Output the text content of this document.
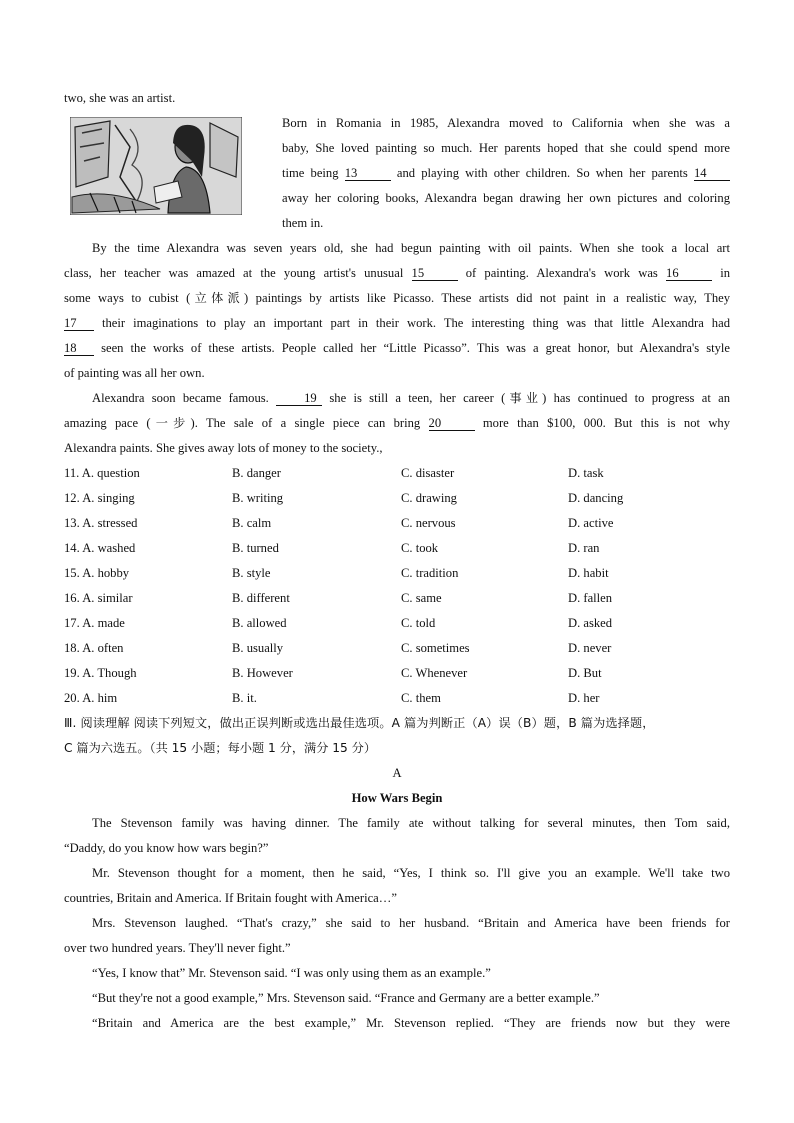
two, she was an artist.
Born in Romania in 1985, Alexandra moved to California when she was a
baby, She loved painting so much. Her parents hoped that she could spend more
time being 13	and playing with other children. So when her parents 14
away her coloring books, Alexandra began drawing her own pictures and coloring
them in.
By the time Alexandra was seven years old, she had begun painting with oil paints. When she took a local art
class, her teacher was amazed at the young artist's unusual 15	of painting. Alexandra's work was 16	in
some ways to cubist (立体派) paintings by artists like Picasso. These artists did not paint in a realistic way, They
17 their imaginations to play an important part in their work. The interesting thing was that little Alexandra had
18 seen the works of these artists. People called her “Little Picasso”. This was a great honor, but Alexandra's style
of painting was all her own.
Alexandra soon became famous.	19 she is still a teen, her career (事业) has continued to progress at an
amazing pace (一步). The sale of a single piece can bring 20	more than $100, 000. But this is not why
Alexandra paints. She gives away lots of money to the society.,
11. A. question	B. danger	C. disaster	D. task
12. A. singing	B. writing	C. drawing	D. dancing
13. A. stressed	B. calm	C. nervous	D. active
14. A. washed	B. turned	C. took	D. ran
15. A. hobby	B. style	C. tradition	D. habit
16. A. similar	B. different	C. same	D. fallen
17. A. made	B. allowed	C. told	D. asked
18. A. often	B. usually	C. sometimes	D. never
19. A. Though	B. However	C. Whenever	D. But
20. A. him	B. it.	C. them	D. her
Ⅲ. 阅读理解 阅读下列短文，做出正误判断或选出最佳选项。A 篇为判断正（A）误（B）题，B 篇为选择题，
C 篇为六选五。（共 15 小题；每小题 1 分，满分 15 分）
A
How Wars Begin
The Stevenson family was having dinner. The family ate without talking for several minutes, then Tom said,
“Daddy, do you know how wars begin?”
Mr. Stevenson thought for a moment, then he said, “Yes, I think so. I'll give you an example. We'll take two
countries, Britain and America. If Britain fought with America…”
Mrs. Stevenson laughed. “That's crazy,” she said to her husband. “Britain and America have been friends for
over two hundred years. They'll never fight.”
“Yes, I know that” Mr. Stevenson said. “I was only using them as an example.”
“But they're not a good example,” Mrs. Stevenson said. “France and Germany are a better example.”
“Britain and America are the best example,” Mr. Stevenson replied. “They are friends now but they were
